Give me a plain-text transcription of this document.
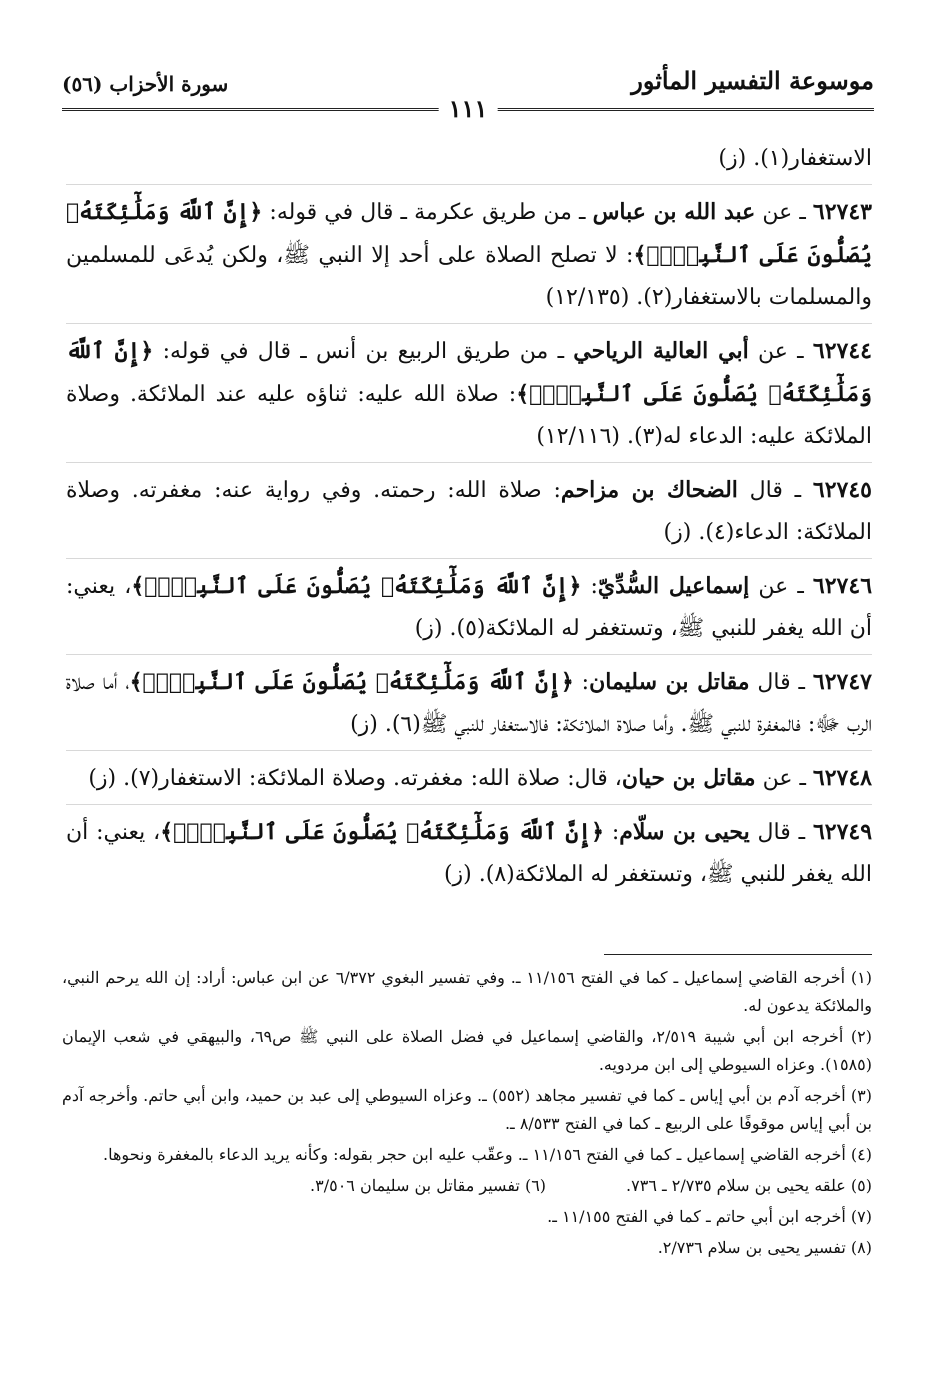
سورة الأحزاب (٥٦)	موسوعة التفسير المأثور
١١١

الاستغفار(١). (ز)

٦٢٧٤٣ ـ عن عبد الله بن عباس ـ من طريق عكرمة ـ قال في قوله: ﴿إِنَّ ٱللَّهَ وَمَلَٰٓئِكَتَهُۥ يُصَلُّونَ عَلَى ٱلنَّبِيِّۚ﴾: لا تصلح الصلاة على أحد إلا النبي ﷺ، ولكن يُدعَى للمسلمين والمسلمات بالاستغفار(٢). (١٢/١٣٥)

٦٢٧٤٤ ـ عن أبي العالية الرياحي ـ من طريق الربيع بن أنس ـ قال في قوله: ﴿إِنَّ ٱللَّهَ وَمَلَٰٓئِكَتَهُۥ يُصَلُّونَ عَلَى ٱلنَّبِيِّۚ﴾: صلاة الله عليه: ثناؤه عليه عند الملائكة. وصلاة الملائكة عليه: الدعاء له(٣). (١٢/١١٦)

٦٢٧٤٥ ـ قال الضحاك بن مزاحم: صلاة الله: رحمته. وفي رواية عنه: مغفرته. وصلاة الملائكة: الدعاء(٤). (ز)

٦٢٧٤٦ ـ عن إسماعيل السُّدِّيّ: ﴿إِنَّ ٱللَّهَ وَمَلَٰٓئِكَتَهُۥ يُصَلُّونَ عَلَى ٱلنَّبِيِّۚ﴾، يعني: أن الله يغفر للنبي ﷺ، وتستغفر له الملائكة(٥). (ز)

٦٢٧٤٧ ـ قال مقاتل بن سليمان: ﴿إِنَّ ٱللَّهَ وَمَلَٰٓئِكَتَهُۥ يُصَلُّونَ عَلَى ٱلنَّبِيِّۚ﴾، أما صلاة الرب ﷻ: فالمغفرة للنبي ﷺ. وأما صلاة الملائكة: فالاستغفار للنبي ﷺ(٦). (ز)

٦٢٧٤٨ ـ عن مقاتل بن حيان، قال: صلاة الله: مغفرته. وصلاة الملائكة: الاستغفار(٧). (ز)

٦٢٧٤٩ ـ قال يحيى بن سلّام: ﴿إِنَّ ٱللَّهَ وَمَلَٰٓئِكَتَهُۥ يُصَلُّونَ عَلَى ٱلنَّبِيِّۚ﴾، يعني: أن الله يغفر للنبي ﷺ، وتستغفر له الملائكة(٨). (ز)

(١) أخرجه القاضي إسماعيل ـ كما في الفتح ١١/١٥٦ ـ. وفي تفسير البغوي ٦/٣٧٢ عن ابن عباس: أراد: إن الله يرحم النبي، والملائكة يدعون له.

(٢) أخرجه ابن أبي شيبة ٢/٥١٩، والقاضي إسماعيل في فضل الصلاة على النبي ﷺ ص٦٩، والبيهقي في شعب الإيمان (١٥٨٥). وعزاه السيوطي إلى ابن مردويه.

(٣) أخرجه آدم بن أبي إياس ـ كما في تفسير مجاهد (٥٥٢) ـ. وعزاه السيوطي إلى عبد بن حميد، وابن أبي حاتم. وأخرجه آدم بن أبي إياس موقوفًا على الربيع ـ كما في الفتح ٨/٥٣٣ ـ.

(٤) أخرجه القاضي إسماعيل ـ كما في الفتح ١١/١٥٦ ـ. وعقّب عليه ابن حجر بقوله: وكأنه يريد الدعاء بالمغفرة ونحوها.

(٥) علقه يحيى بن سلام ٢/٧٣٥ ـ ٧٣٦.
(٦) تفسير مقاتل بن سليمان ٣/٥٠٦.

(٧) أخرجه ابن أبي حاتم ـ كما في الفتح ١١/١٥٥ ـ.

(٨) تفسير يحيى بن سلام ٢/٧٣٦.
